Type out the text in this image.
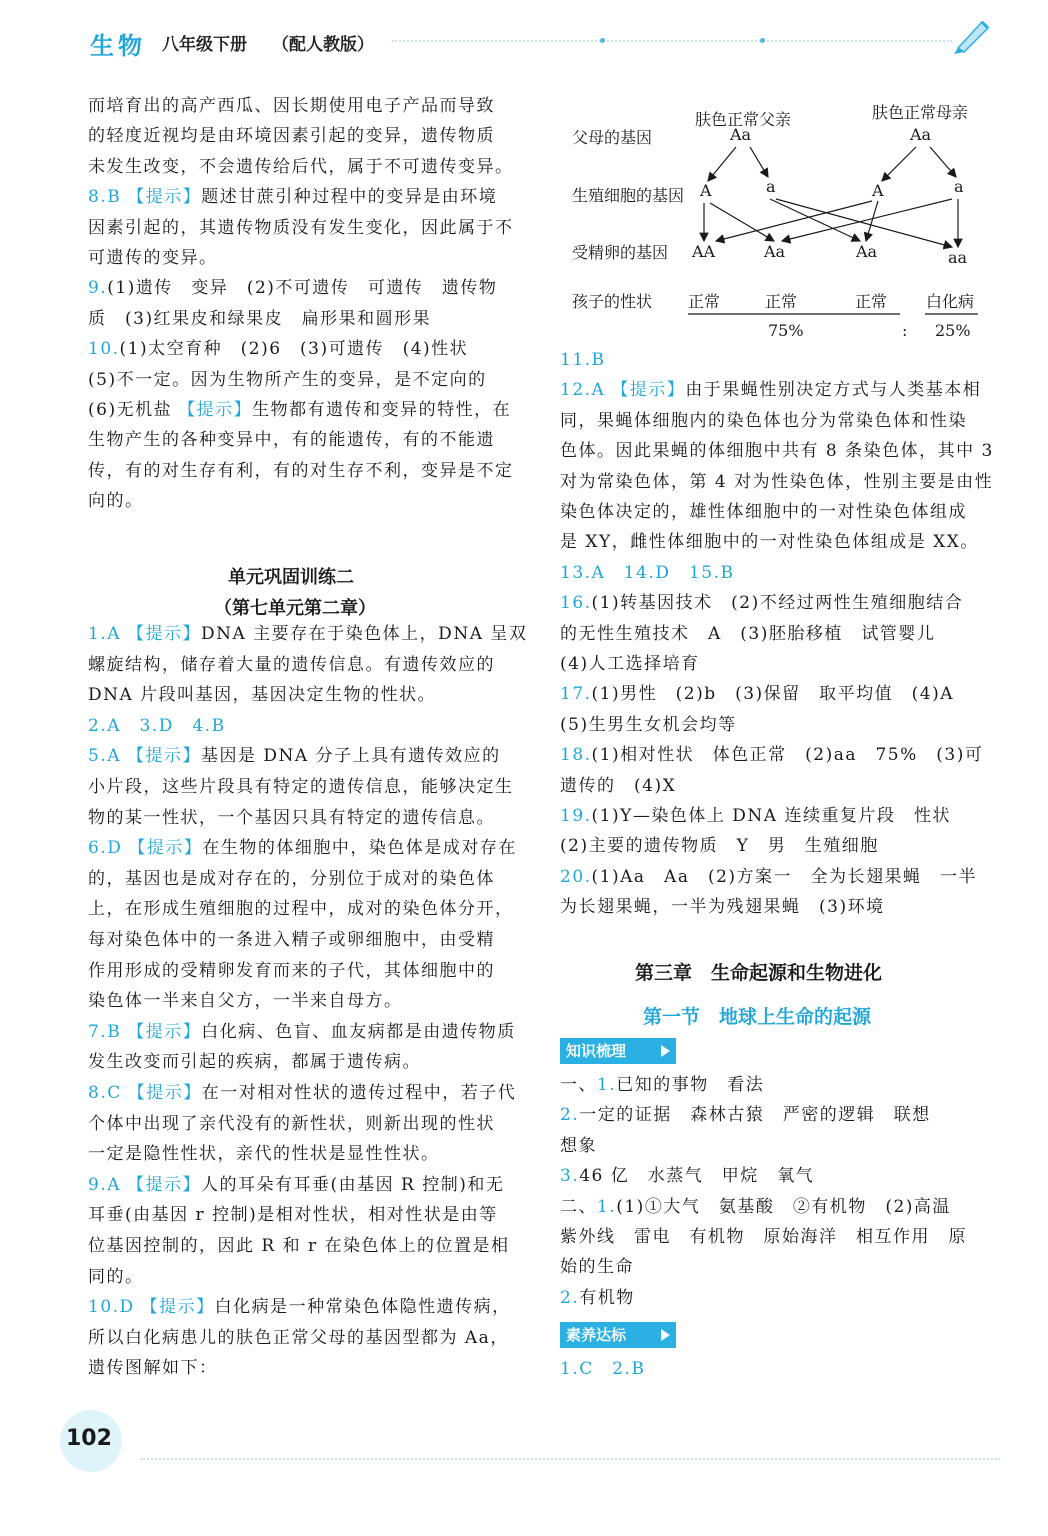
生物 八年级下册 （配人教版）
而培育出的高产西瓜、因长期使用电子产品而导致
的轻度近视均是由环境因素引起的变异，遗传物质
未发生改变，不会遗传给后代，属于不可遗传变异。
8.B 【提示】题述甘蔗引种过程中的变异是由环境
因素引起的，其遗传物质没有发生变化，因此属于不
可遗传的变异。
9.(1)遗传　变异　(2)不可遗传　可遗传　遗传物
质　(3)红果皮和绿果皮　扁形果和圆形果
10.(1)太空育种　(2)6　(3)可遗传　(4)性状
(5)不一定。因为生物所产生的变异，是不定向的
(6)无机盐 【提示】生物都有遗传和变异的特性，在
生物产生的各种变异中，有的能遗传，有的不能遗
传，有的对生存有利，有的对生存不利，变异是不定
向的。
单元巩固训练二
（第七单元第二章）
1.A 【提示】DNA 主要存在于染色体上，DNA 呈双
螺旋结构，储存着大量的遗传信息。有遗传效应的
DNA 片段叫基因，基因决定生物的性状。
2.A　3.D　4.B
5.A 【提示】基因是 DNA 分子上具有遗传效应的
小片段，这些片段具有特定的遗传信息，能够决定生
物的某一性状，一个基因只具有特定的遗传信息。
6.D 【提示】在生物的体细胞中，染色体是成对存在
的，基因也是成对存在的，分别位于成对的染色体
上，在形成生殖细胞的过程中，成对的染色体分开，
每对染色体中的一条进入精子或卵细胞中，由受精
作用形成的受精卵发育而来的子代，其体细胞中的
染色体一半来自父方，一半来自母方。
7.B 【提示】白化病、色盲、血友病都是由遗传物质
发生改变而引起的疾病，都属于遗传病。
8.C 【提示】在一对相对性状的遗传过程中，若子代
个体中出现了亲代没有的新性状，则新出现的性状
一定是隐性性状，亲代的性状是显性性状。
9.A 【提示】人的耳朵有耳垂(由基因 R 控制)和无
耳垂(由基因 r 控制)是相对性状，相对性状是由等
位基因控制的，因此 R 和 r 在染色体上的位置是相
同的。
10.D 【提示】白化病是一种常染色体隐性遗传病，
所以白化病患儿的肤色正常父母的基因型都为 Aa，
遗传图解如下：
肤色正常父亲	肤色正常母亲
父母的基因	Aa	Aa
生殖细胞的基因 A	a	A	a
受精卵的基因 AA	Aa	Aa	aa
孩子的性状 正常	正常	正常 白化病
75%	: 25%
11.B
12.A 【提示】由于果蝇性别决定方式与人类基本相
同，果蝇体细胞内的染色体也分为常染色体和性染
色体。因此果蝇的体细胞中共有 8 条染色体，其中 3
对为常染色体，第 4 对为性染色体，性别主要是由性
染色体决定的，雄性体细胞中的一对性染色体组成
是 XY，雌性体细胞中的一对性染色体组成是 XX。
13.A　14.D　15.B
16.(1)转基因技术　(2)不经过两性生殖细胞结合
的无性生殖技术　A　(3)胚胎移植　试管婴儿
(4)人工选择培育
17.(1)男性　(2)b　(3)保留　取平均值　(4)A
(5)生男生女机会均等
18.(1)相对性状　体色正常　(2)aa　75%　(3)可
遗传的　(4)X
19.(1)Y—染色体上 DNA 连续重复片段　性状
(2)主要的遗传物质　Y　男　生殖细胞
20.(1)Aa　Aa　(2)方案一　全为长翅果蝇　一半
为长翅果蝇，一半为残翅果蝇　(3)环境
第三章　生命起源和生物进化
第一节　地球上生命的起源
知识梳理
一、1.已知的事物　看法
2.一定的证据　森林古猿　严密的逻辑　联想
想象
3.46 亿　水蒸气　甲烷　氧气
二、1.(1)①大气　氨基酸　②有机物　(2)高温
紫外线　雷电　有机物　原始海洋　相互作用　原
始的生命
2.有机物
素养达标
1.C　2.B
102
